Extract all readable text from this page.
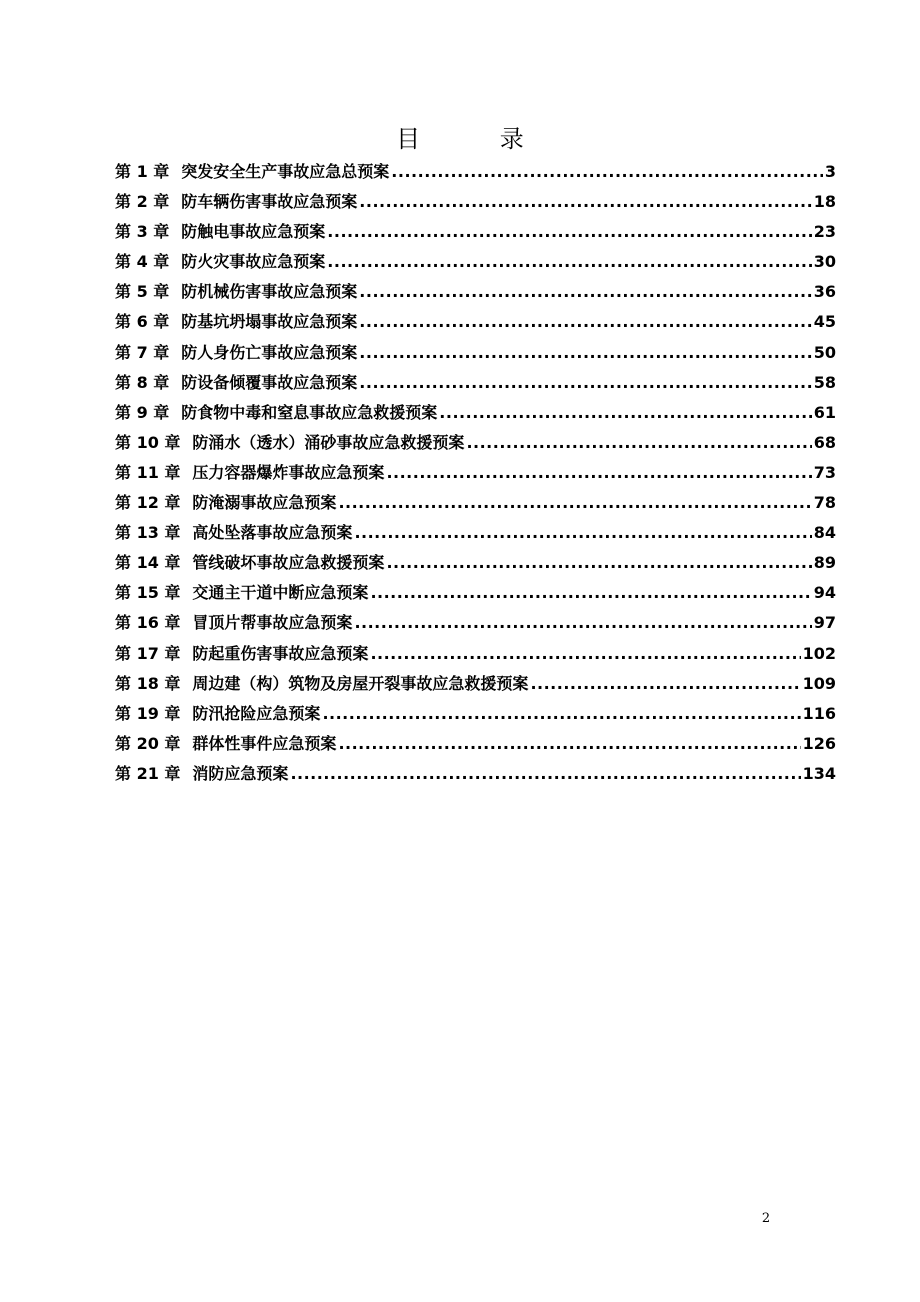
目 录
第 1 章 突发安全生产事故应急总预案 .....	3
第 2 章 防车辆伤害事故应急预案 .....	18
第 3 章 防触电事故应急预案 .....	23
第 4 章 防火灾事故应急预案 .....	30
第 5 章 防机械伤害事故应急预案 .....	36
第 6 章 防基坑坍塌事故应急预案 .....	45
第 7 章 防人身伤亡事故应急预案 .....	50
第 8 章 防设备倾覆事故应急预案 .....	58
第 9 章 防食物中毒和窒息事故应急救援预案 .....	61
第 10 章 防涌水（透水）涌砂事故应急救援预案 .....	68
第 11 章 压力容器爆炸事故应急预案 .....	73
第 12 章 防淹溺事故应急预案 .....	78
第 13 章 高处坠落事故应急预案 .....	84
第 14 章 管线破坏事故应急救援预案 .....	89
第 15 章 交通主干道中断应急预案 .....	94
第 16 章 冒顶片帮事故应急预案 .....	97
第 17 章 防起重伤害事故应急预案 .....	102
第 18 章 周边建（构）筑物及房屋开裂事故应急救援预案 .....	109
第 19 章 防汛抢险应急预案 .....	116
第 20 章 群体性事件应急预案 .....	126
第 21 章 消防应急预案 .....	134
2
